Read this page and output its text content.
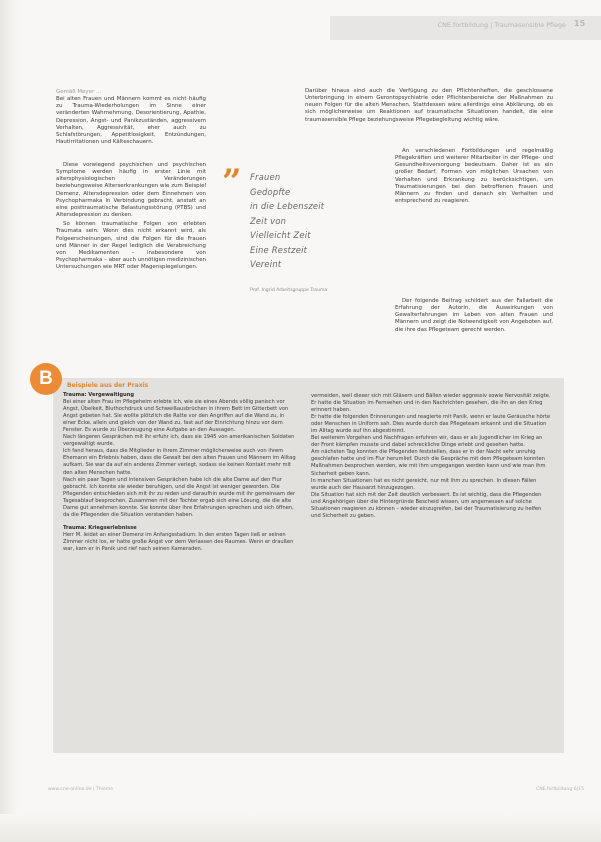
CNE.fortbildung | Traumasensible Pflege 15

Gemäß Meyer ...

Bei alten Frauen und Männern kommt es nicht häufig zu Trauma-Wiederholungen im Sinne einer veränderten Wahrnehmung, Desorientierung, Apathie, Depression, Angst- und Panikzuständen, aggressivem Verhalten, Aggressivität, eher auch zu Schlafstörungen, Appetitlosigkeit, Entzündungen, Hautirritationen und Kälteschauern.

Diese vorwiegend psychischen und psychischen Symptome werden häufig in erster Linie mit altersphysiologischen Veränderungen beziehungsweise Alterserkrankungen wie zum Beispiel Demenz, Altersdepression oder dem Einnehmen von Psychopharmaka in Verbindung gebracht, anstatt an eine posttraumatische Belastungsstörung (PTBS) und Altersdepression zu denken.

So können traumatische Folgen von erlebten Traumata sein: Wenn dies nicht erkannt wird, als Folgeerscheinungen, sind die Folgen für die Frauen und Männer in der Regel lediglich die Verabreichung von Medikamenten – insbesondere von Psychopharmaka – aber auch unnötigen medizinischen Untersuchungen wie MRT oder Magenspiegelungen.

” Frauen
Gedopfte
in die Lebenszeit
Zeit von
Vielleicht Zeit
Eine Restzeit
Vereint
Prof. Ingrid Arbeitsgruppe Trauma

Darüber hinaus sind auch die Verfügung zu den Pflichtenheften, die geschlossene Unterbringung in einem Gerontopsychiatrie oder Pflichtenbereiche der Maßnahmen zu neuen Folgen für die alten Menschen. Stattdessen wäre allerdings eine Abklärung, ob es sich möglicherweise um Reaktionen auf traumatische Situationen handelt, die eine traumasensible Pflege beziehungsweise Pflegebegleitung wichtig wäre.

An verschiedenen Fortbildungen und regelmäßig Pflegekräften und weiterer Mitarbeiter in der Pflege- und Gesundheitsversorgung bedeutsam. Daher ist es ein großer Bedarf, Formen von möglichen Ursachen von Verhalten und Erkrankung zu berücksichtigen, um Traumatisierungen bei den betroffenen Frauen und Männern zu finden und danach ein Verhalten und entsprechend zu reagieren.

Der folgende Beitrag schildert aus der Fallarbeit die Erfahrung der Autorin, die Auswirkungen von Gewalterfahrungen im Leben von alten Frauen und Männern und zeigt die Notwendigkeit von Angeboten auf, die ihre das Pflegeteam gerecht werden.

B	Beispiele aus der Praxis

Trauma: Vergewaltigung

Bei einer alten Frau im Pflegeheim erlebte ich, wie sie eines Abends völlig panisch vor Angst, Übelkeit, Bluthochdruck und Schweißausbrüchen in ihrem Bett im Gitterbett von Angst gebeten hat. Sie wollte plötzlich die Ratte vor den Angriffen auf die Wand zu, in einer Ecke, allein und gleich von der Wand zu, fast auf der Einrichtung hinzu vor dem Fenster. Es wurde zu Überzeugung eine Aufgabe an den Aussagen.

Nach längeren Gesprächen mit ihr erfuhr ich, dass sie 1945 von amerikanischen Soldaten vergewaltigt wurde.

Ich fand heraus, dass die Mitglieder in ihrem Zimmer möglicherweise auch von ihrem Ehemann ein Erlebnis haben, dass die Gewalt bei den alten Frauen und Männern im Alltag aufkam. Sie war da auf ein anderes Zimmer verlegt, sodass sie keinen Kontakt mehr mit den alten Menschen hatte.

Nach ein paar Tagen und intensiven Gesprächen habe ich die alte Dame auf den Flur gebracht. Ich konnte sie wieder beruhigen, und die Angst ist weniger geworden. Die Pflegenden entschieden sich mit ihr zu reden und daraufhin wurde mit ihr gemeinsam der Tagesablauf besprochen. Zusammen mit der Tochter ergab sich eine Lösung, die die alte Dame gut annehmen konnte. Sie konnte über ihre Erfahrungen sprechen und sich öffnen, da die Pflegenden die Situation verstanden haben.

Trauma: Kriegserlebnisse

Herr M. leidet an einer Demenz im Anfangsstadium. In den ersten Tagen ließ er seinen Zimmer nicht los, er hatte große Angst vor dem Verlassen des Raumes. Wenn er draußen war, kam er in Panik und rief nach seinen Kameraden.

vermeiden, weil dieser sich mit Gläsern und Bällen wieder aggressiv sowie Nervosität zeigte. Er hatte die Situation im Fernsehen und in den Nachrichten gesehen, die ihn an den Krieg erinnert haben.

Er hatte die folgenden Erinnerungen und reagierte mit Panik, wenn er laute Geräusche hörte oder Menschen in Uniform sah. Dies wurde durch das Pflegeteam erkannt und die Situation im Alltag wurde auf ihn abgestimmt.

Bei weiterem Vorgehen und Nachfragen erfuhren wir, dass er als Jugendlicher im Krieg an der Front kämpfen musste und dabei schreckliche Dinge erlebt und gesehen hatte.

Am nächsten Tag konnten die Pflegenden feststellen, dass er in der Nacht sehr unruhig geschlafen hatte und im Flur herumlief. Durch die Gespräche mit dem Pflegeteam konnten Maßnahmen besprochen werden, wie mit ihm umgegangen werden kann und wie man ihm Sicherheit geben kann.

In manchen Situationen hat es nicht gereicht, nur mit ihm zu sprechen. In diesen Fällen wurde auch der Hausarzt hinzugezogen.

Die Situation hat sich mit der Zeit deutlich verbessert. Es ist wichtig, dass die Pflegenden und Angehörigen über die Hintergründe Bescheid wissen, um angemessen auf solche Situationen reagieren zu können – wieder einzugreifen, bei der Traumatisierung zu helfen und Sicherheit zu geben.

www.cne-online.de | Thieme	CNE.fortbildung 6|15
